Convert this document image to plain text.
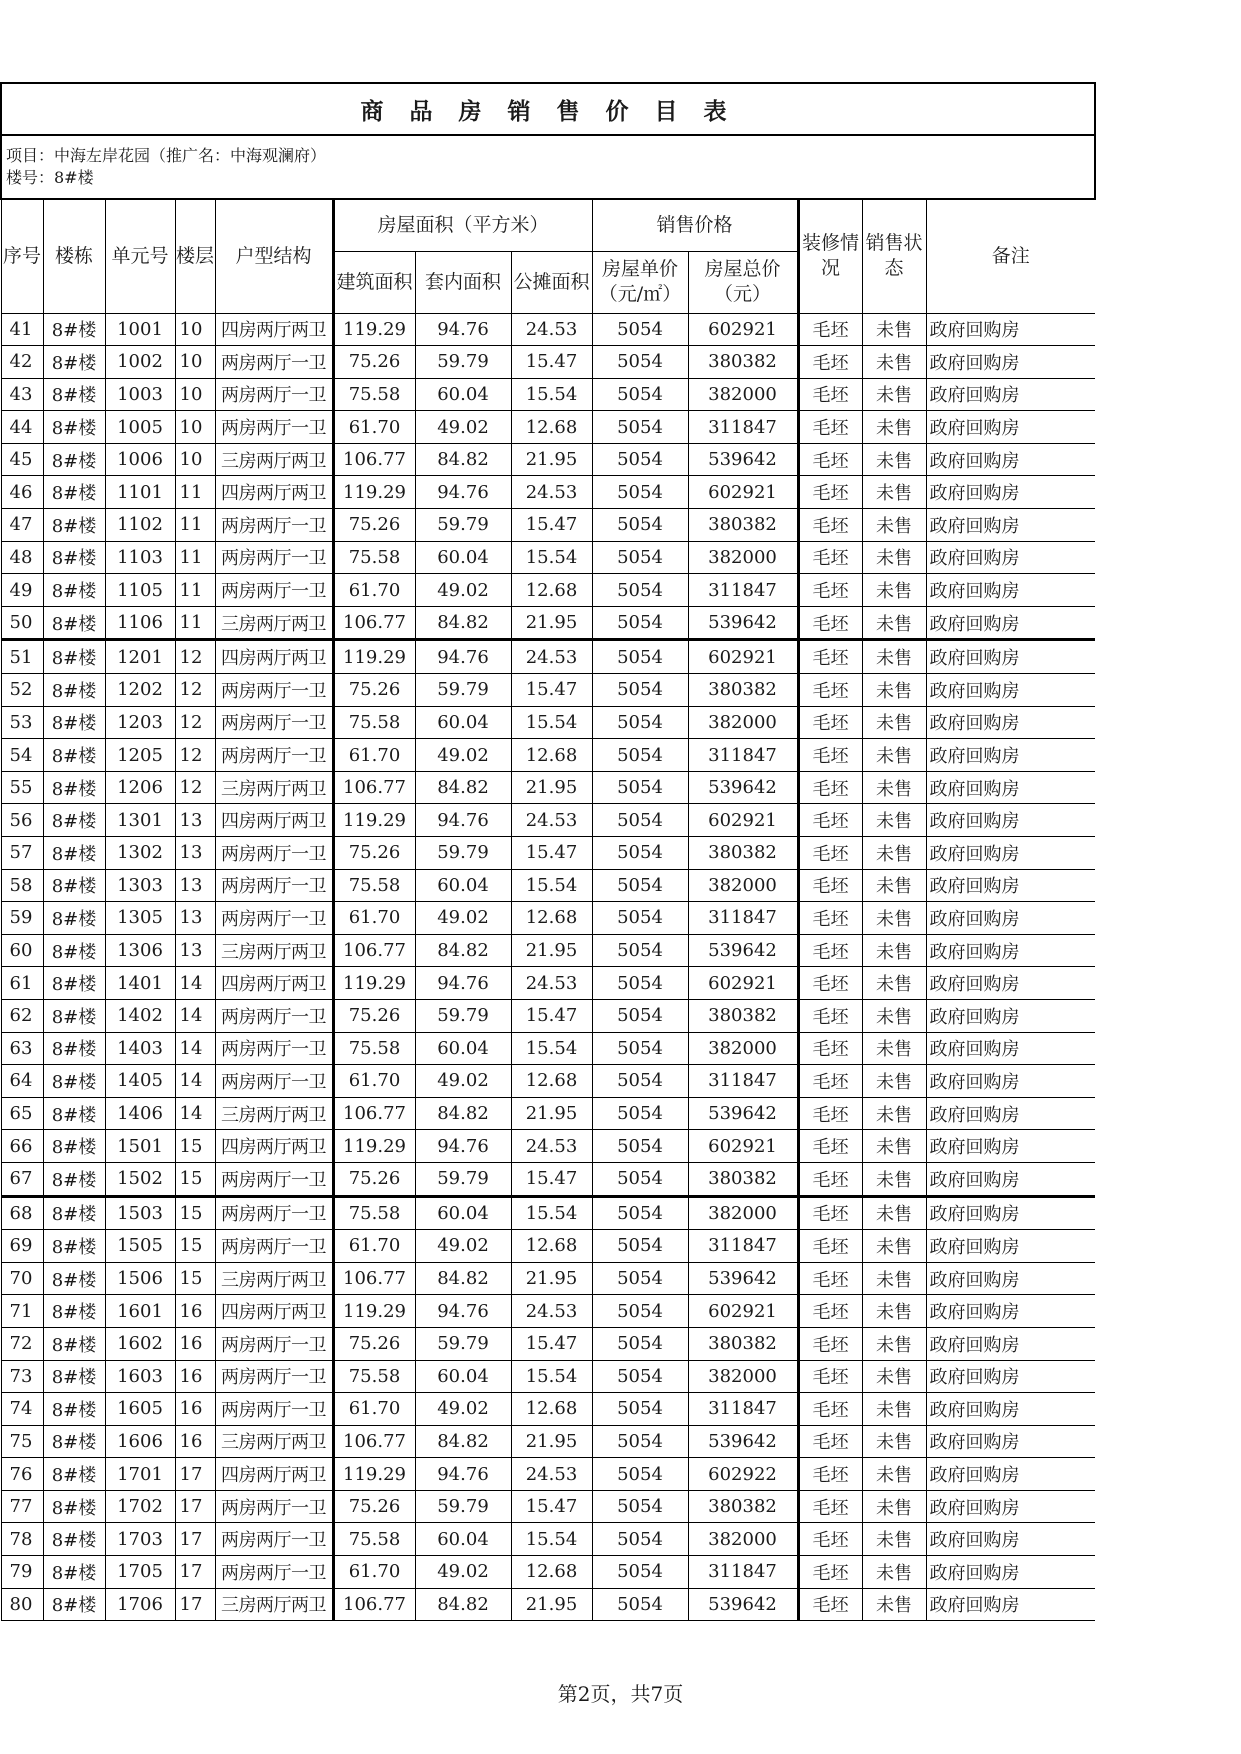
商 品 房 销 售 价 目 表												

项目：中海左岸花园（推广名：中海观澜府）
楼号：8#楼												

序号	楼栋	单元号	楼层	户型结构	房屋面积（平方米）			销售价格		装修情况	销售状态	备注
					建筑面积	套内面积	公摊面积	房屋单价（元/㎡）	房屋总价（元）			
41	8#楼	1001	10	四房两厅两卫	119.29	94.76	24.53	5054	602921	毛坯	未售	政府回购房
42	8#楼	1002	10	两房两厅一卫	75.26	59.79	15.47	5054	380382	毛坯	未售	政府回购房
43	8#楼	1003	10	两房两厅一卫	75.58	60.04	15.54	5054	382000	毛坯	未售	政府回购房
44	8#楼	1005	10	两房两厅一卫	61.70	49.02	12.68	5054	311847	毛坯	未售	政府回购房
45	8#楼	1006	10	三房两厅两卫	106.77	84.82	21.95	5054	539642	毛坯	未售	政府回购房
46	8#楼	1101	11	四房两厅两卫	119.29	94.76	24.53	5054	602921	毛坯	未售	政府回购房
47	8#楼	1102	11	两房两厅一卫	75.26	59.79	15.47	5054	380382	毛坯	未售	政府回购房
48	8#楼	1103	11	两房两厅一卫	75.58	60.04	15.54	5054	382000	毛坯	未售	政府回购房
49	8#楼	1105	11	两房两厅一卫	61.70	49.02	12.68	5054	311847	毛坯	未售	政府回购房
50	8#楼	1106	11	三房两厅两卫	106.77	84.82	21.95	5054	539642	毛坯	未售	政府回购房
51	8#楼	1201	12	四房两厅两卫	119.29	94.76	24.53	5054	602921	毛坯	未售	政府回购房
52	8#楼	1202	12	两房两厅一卫	75.26	59.79	15.47	5054	380382	毛坯	未售	政府回购房
53	8#楼	1203	12	两房两厅一卫	75.58	60.04	15.54	5054	382000	毛坯	未售	政府回购房
54	8#楼	1205	12	两房两厅一卫	61.70	49.02	12.68	5054	311847	毛坯	未售	政府回购房
55	8#楼	1206	12	三房两厅两卫	106.77	84.82	21.95	5054	539642	毛坯	未售	政府回购房
56	8#楼	1301	13	四房两厅两卫	119.29	94.76	24.53	5054	602921	毛坯	未售	政府回购房
57	8#楼	1302	13	两房两厅一卫	75.26	59.79	15.47	5054	380382	毛坯	未售	政府回购房
58	8#楼	1303	13	两房两厅一卫	75.58	60.04	15.54	5054	382000	毛坯	未售	政府回购房
59	8#楼	1305	13	两房两厅一卫	61.70	49.02	12.68	5054	311847	毛坯	未售	政府回购房
60	8#楼	1306	13	三房两厅两卫	106.77	84.82	21.95	5054	539642	毛坯	未售	政府回购房
61	8#楼	1401	14	四房两厅两卫	119.29	94.76	24.53	5054	602921	毛坯	未售	政府回购房
62	8#楼	1402	14	两房两厅一卫	75.26	59.79	15.47	5054	380382	毛坯	未售	政府回购房
63	8#楼	1403	14	两房两厅一卫	75.58	60.04	15.54	5054	382000	毛坯	未售	政府回购房
64	8#楼	1405	14	两房两厅一卫	61.70	49.02	12.68	5054	311847	毛坯	未售	政府回购房
65	8#楼	1406	14	三房两厅两卫	106.77	84.82	21.95	5054	539642	毛坯	未售	政府回购房
66	8#楼	1501	15	四房两厅两卫	119.29	94.76	24.53	5054	602921	毛坯	未售	政府回购房
67	8#楼	1502	15	两房两厅一卫	75.26	59.79	15.47	5054	380382	毛坯	未售	政府回购房
68	8#楼	1503	15	两房两厅一卫	75.58	60.04	15.54	5054	382000	毛坯	未售	政府回购房
69	8#楼	1505	15	两房两厅一卫	61.70	49.02	12.68	5054	311847	毛坯	未售	政府回购房
70	8#楼	1506	15	三房两厅两卫	106.77	84.82	21.95	5054	539642	毛坯	未售	政府回购房
71	8#楼	1601	16	四房两厅两卫	119.29	94.76	24.53	5054	602921	毛坯	未售	政府回购房
72	8#楼	1602	16	两房两厅一卫	75.26	59.79	15.47	5054	380382	毛坯	未售	政府回购房
73	8#楼	1603	16	两房两厅一卫	75.58	60.04	15.54	5054	382000	毛坯	未售	政府回购房
74	8#楼	1605	16	两房两厅一卫	61.70	49.02	12.68	5054	311847	毛坯	未售	政府回购房
75	8#楼	1606	16	三房两厅两卫	106.77	84.82	21.95	5054	539642	毛坯	未售	政府回购房
76	8#楼	1701	17	四房两厅两卫	119.29	94.76	24.53	5054	602922	毛坯	未售	政府回购房
77	8#楼	1702	17	两房两厅一卫	75.26	59.79	15.47	5054	380382	毛坯	未售	政府回购房
78	8#楼	1703	17	两房两厅一卫	75.58	60.04	15.54	5054	382000	毛坯	未售	政府回购房
79	8#楼	1705	17	两房两厅一卫	61.70	49.02	12.68	5054	311847	毛坯	未售	政府回购房
80	8#楼	1706	17	三房两厅两卫	106.77	84.82	21.95	5054	539642	毛坯	未售	政府回购房
第2页，共7页
